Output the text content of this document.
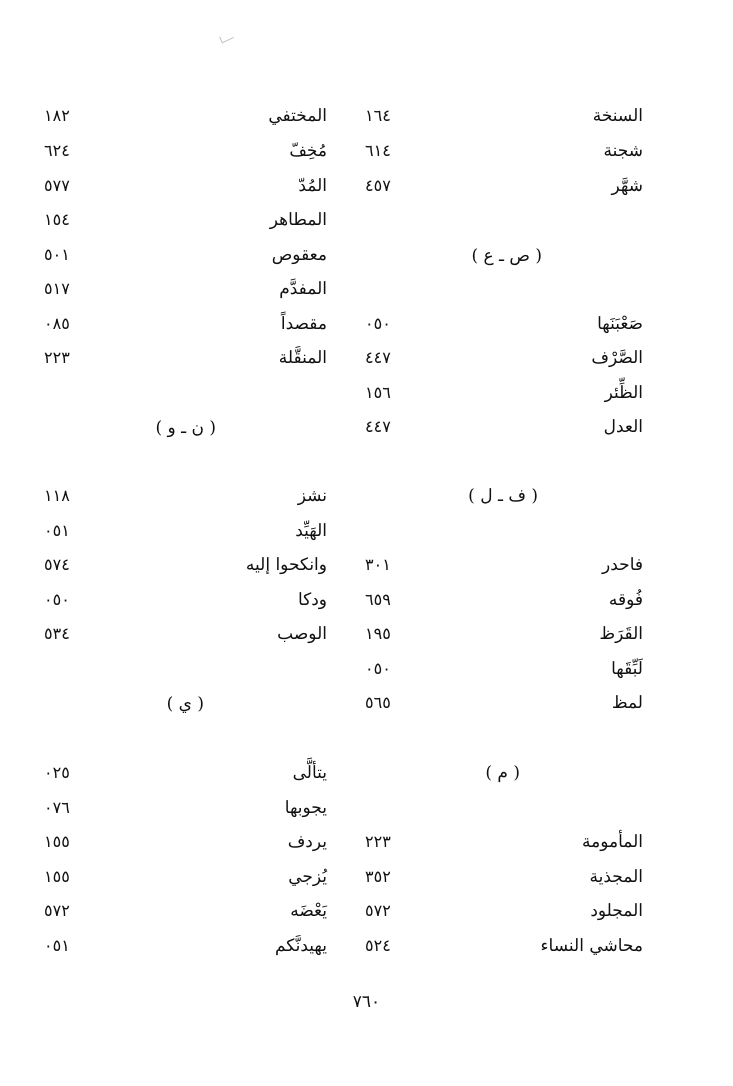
السنخة
١٦٤
شجنة
٦١٤
شهَّر
٤٥٧
( ص ـ ع )
صَعْبَنَها
٠٥٠
الصَّرْف
٤٤٧
الظِّئر
١٥٦
العدل
٤٤٧
( ف ـ ل )
فاحدر
٣٠١
فُوقه
٦٥٩
القَرَظ
١٩٥
لَبِّقَها
٠٥٠
لمظ
٥٦٥
( م )
المأمومة
٢٢٣
المجذية
٣٥٢
المجلود
٥٧٢
محاشي النساء
٥٢٤
المختفي
١٨٢
مُخِفّ
٦٢٤
المُدّ
٥٧٧
المطاهر
١٥٤
معقوص
٥٠١
المفدَّم
٥١٧
مقصداً
٠٨٥
المنقَّلة
٢٢٣
( ن ـ و )
نشز
١١٨
الهَيِّد
٠٥١
وانكحوا إليه
٥٧٤
ودكا
٠٥٠
الوصب
٥٣٤
( ي )
يتألَّى
٠٢٥
يجوبها
٠٧٦
يردف
١٥٥
يُزجي
١٥٥
يَعْضَه
٥٧٢
يهيدنَّكم
٠٥١
٧٦٠
